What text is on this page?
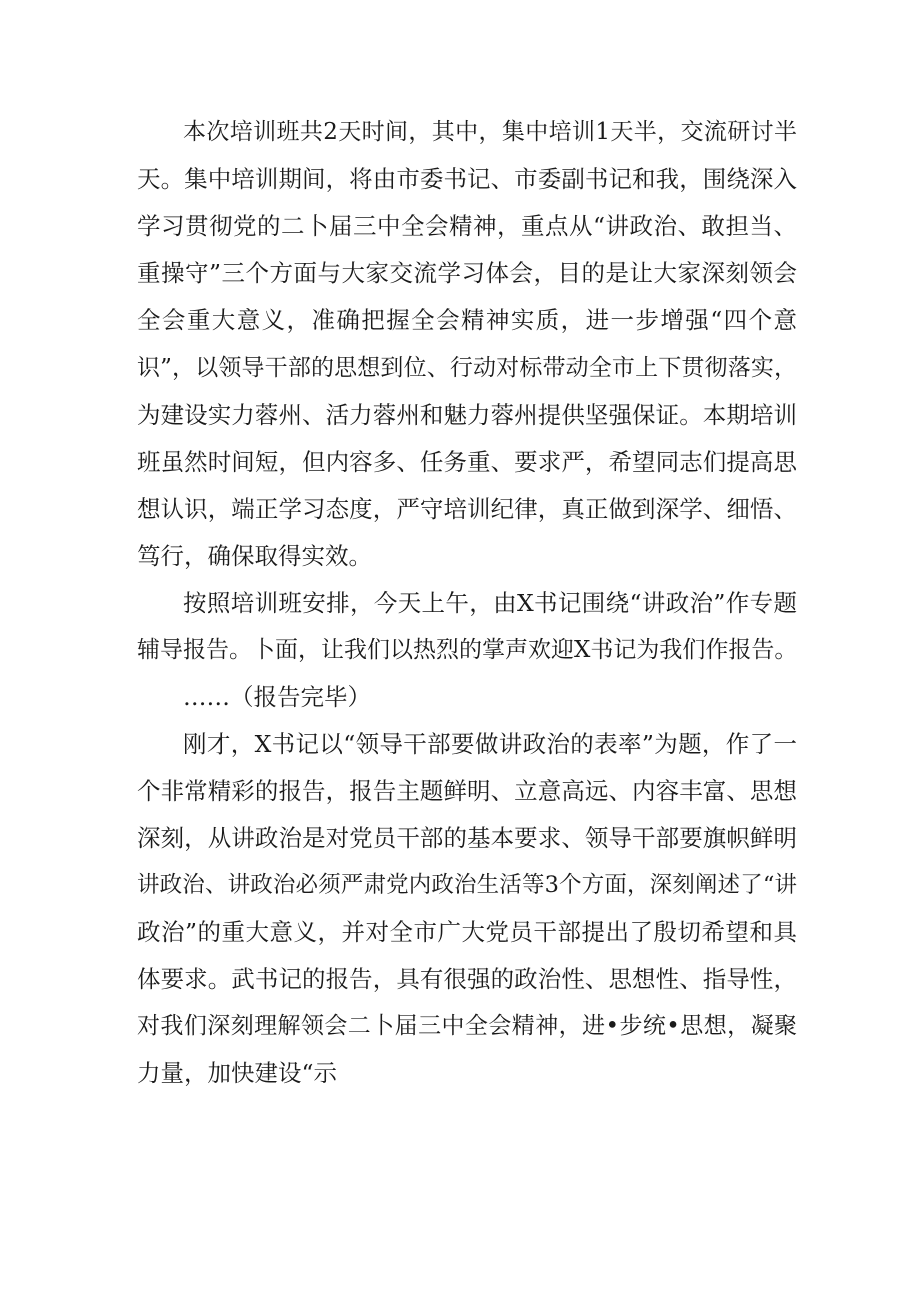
本次培训班共2天时间，其中，集中培训1天半，交流研讨半

天。集中培训期间，将由市委书记、市委副书记和我，围绕深入

学习贯彻党的二卜届三中全会精神，重点从“讲政治、敢担当、

重操守”三个方面与大家交流学习体会，目的是让大家深刻领会

全会重大意义，准确把握全会精神实质，进一步增强“四个意

识”，以领导干部的思想到位、行动对标带动全市上下贯彻落实，

为建设实力蓉州、活力蓉州和魅力蓉州提供坚强保证。本期培训

班虽然时间短，但内容多、任务重、要求严，希望同志们提高思

想认识，端正学习态度，严守培训纪律，真正做到深学、细悟、

笃行，确保取得实效。

按照培训班安排，今天上午，由X书记围绕“讲政治”作专题

辅导报告。卜面，让我们以热烈的掌声欢迎X书记为我们作报告。

……（报告完毕）

刚才，X书记以“领导干部要做讲政治的表率”为题，作了一

个非常精彩的报告，报告主题鲜明、立意高远、内容丰富、思想

深刻，从讲政治是对党员干部的基本要求、领导干部要旗帜鲜明

讲政治、讲政治必须严肃党内政治生活等3个方面，深刻阐述了“讲

政治”的重大意义，并对全市广大党员干部提出了殷切希望和具

体要求。武书记的报告，具有很强的政治性、思想性、指导性，

对我们深刻理解领会二卜届三中全会精神，进•步统•思想，凝聚

力量，加快建设“示
